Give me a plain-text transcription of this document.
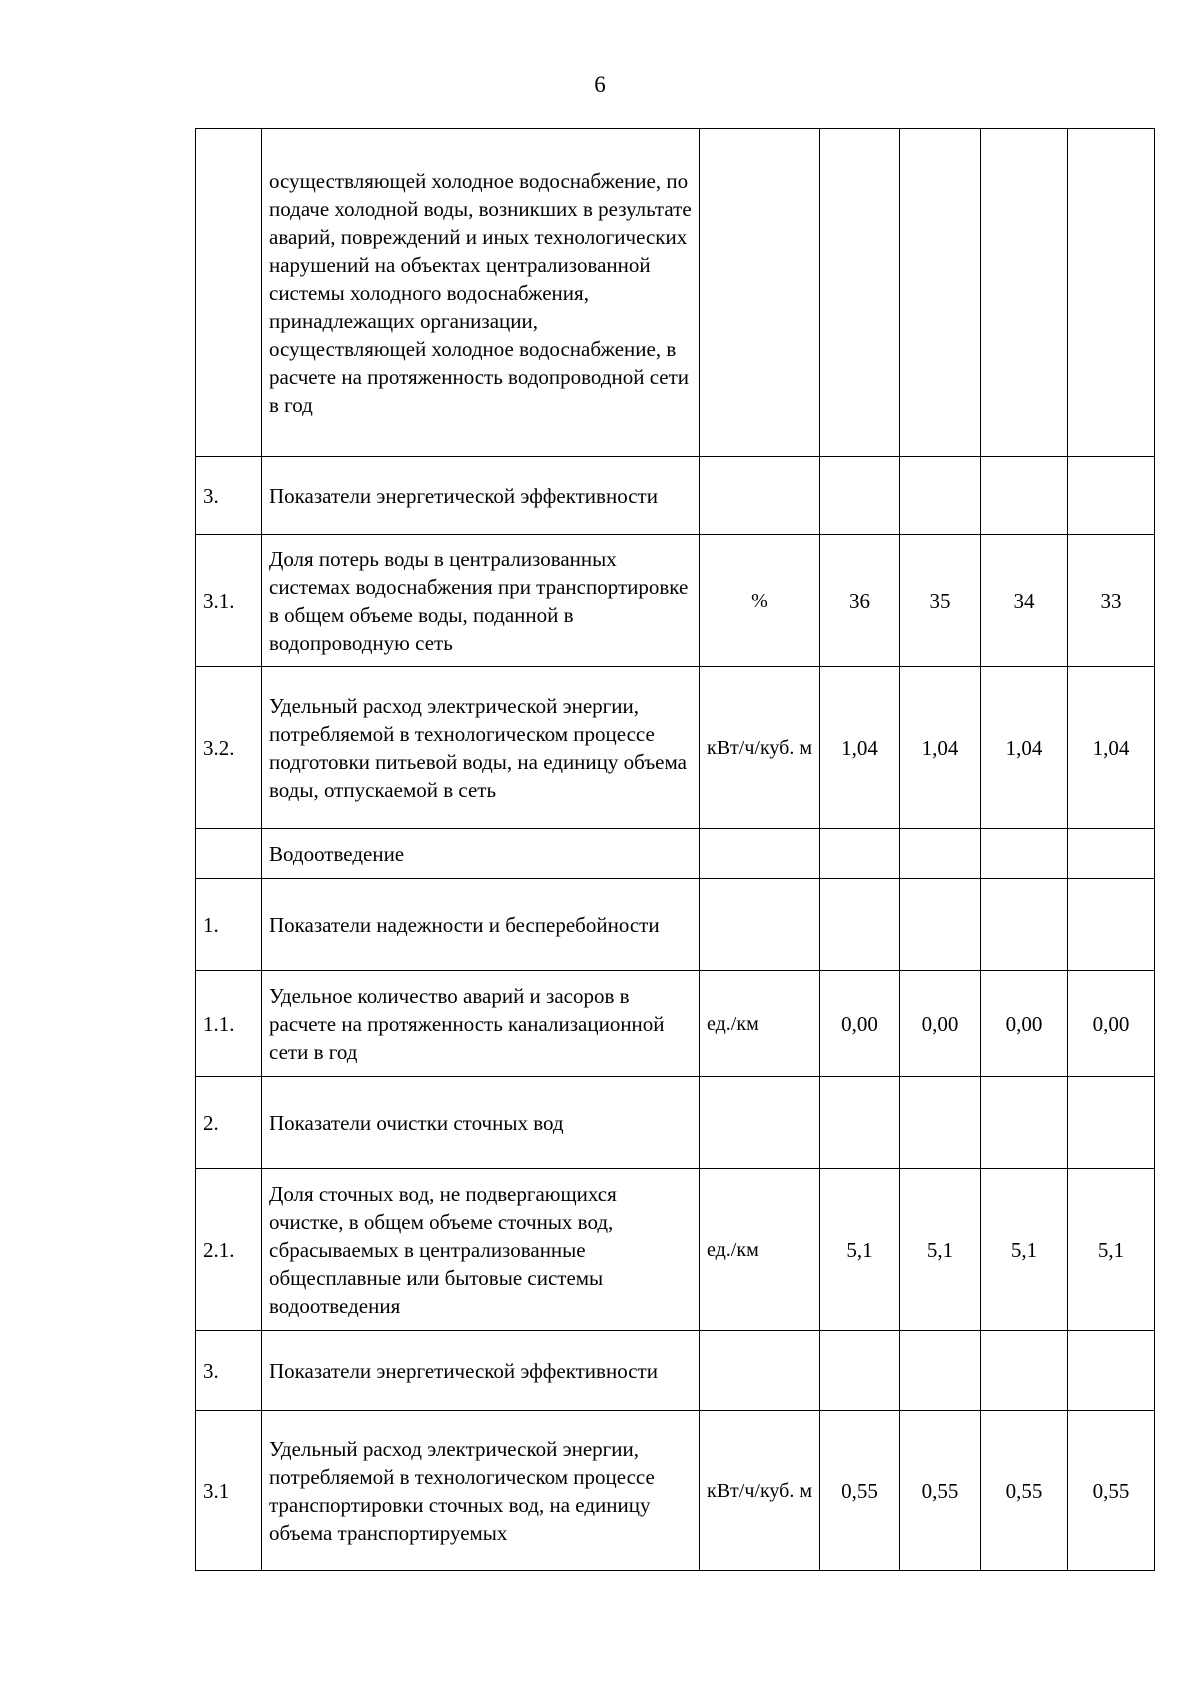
6
	осуществляющей холодное водоснабжение, по подаче холодной воды, возникших в результате аварий, повреждений и иных технологических нарушений на объектах централизованной системы холодного водоснабжения, принадлежащих организации, осуществляющей холодное водоснабжение, в расчете на протяженность водопроводной сети в год					
3.	Показатели энергетической эффективности					
3.1.	Доля потерь воды в централизованных системах водоснабжения при транспортировке в общем объеме воды, поданной в водопроводную сеть	%	36	35	34	33
3.2.	Удельный расход электрической энергии, потребляемой в технологическом процессе подготовки питьевой воды, на единицу объема воды, отпускаемой в сеть	кВт/ч/куб. м	1,04	1,04	1,04	1,04
	Водоотведение					
1.	Показатели надежности и бесперебойности					
1.1.	Удельное количество аварий и засоров в расчете на протяженность канализационной сети в год	ед./км	0,00	0,00	0,00	0,00
2.	Показатели очистки сточных вод					
2.1.	Доля сточных вод, не подвергающихся очистке, в общем объеме сточных вод, сбрасываемых в централизованные общесплавные или бытовые системы водоотведения	ед./км	5,1	5,1	5,1	5,1
3.	Показатели энергетической эффективности					
3.1	Удельный расход электрической энергии, потребляемой в технологическом процессе транспортировки сточных вод, на единицу объема транспортируемых	кВт/ч/куб. м	0,55	0,55	0,55	0,55
